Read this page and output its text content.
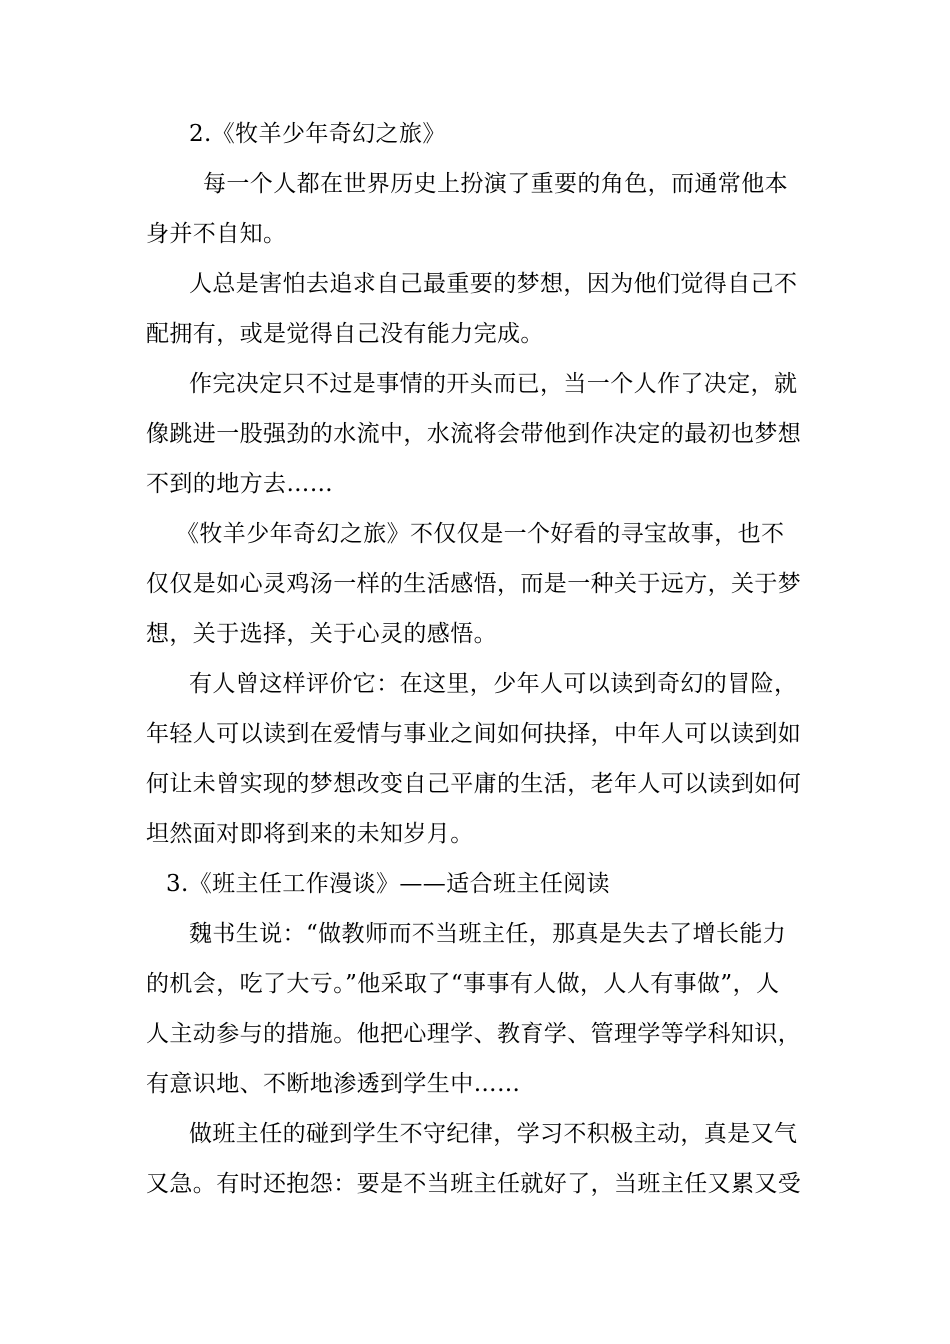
2.《牧羊少年奇幻之旅》
每一个人都在世界历史上扮演了重要的角色，而通常他本
身并不自知。
人总是害怕去追求自己最重要的梦想，因为他们觉得自己不
配拥有，或是觉得自己没有能力完成。
作完决定只不过是事情的开头而已，当一个人作了决定，就
像跳进一股强劲的水流中，水流将会带他到作决定的最初也梦想
不到的地方去……
《牧羊少年奇幻之旅》不仅仅是一个好看的寻宝故事，也不
仅仅是如心灵鸡汤一样的生活感悟，而是一种关于远方，关于梦
想，关于选择，关于心灵的感悟。
有人曾这样评价它：在这里，少年人可以读到奇幻的冒险，
年轻人可以读到在爱情与事业之间如何抉择，中年人可以读到如
何让未曾实现的梦想改变自己平庸的生活，老年人可以读到如何
坦然面对即将到来的未知岁月。
3.《班主任工作漫谈》——适合班主任阅读
魏书生说：“做教师而不当班主任，那真是失去了增长能力
的机会，吃了大亏。”他采取了“事事有人做，人人有事做”，人
人主动参与的措施。他把心理学、教育学、管理学等学科知识，
有意识地、不断地渗透到学生中……
做班主任的碰到学生不守纪律，学习不积极主动，真是又气
又急。有时还抱怨：要是不当班主任就好了，当班主任又累又受
